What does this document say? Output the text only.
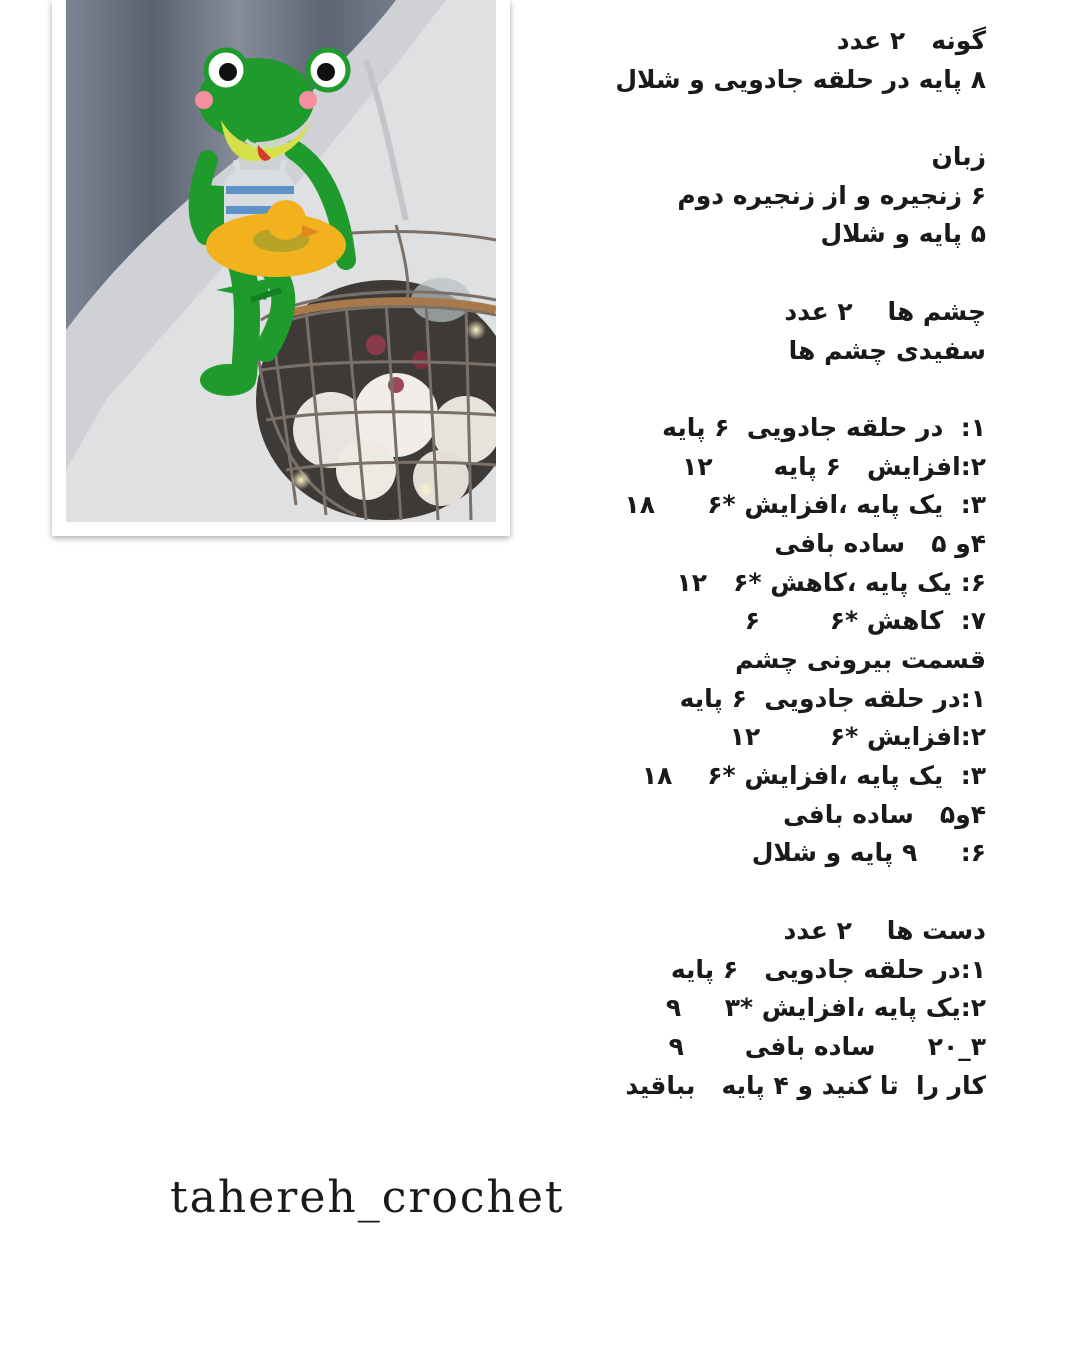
گونه   ۲ عدد
۸ پایه در حلقه جادویی و شلال
زبان
۶ زنجیره و از زنجیره دوم
۵ پایه و شلال
چشم ها    ۲ عدد
سفیدی چشم ها
۱:  در حلقه جادویی  ۶ پایه
۲:افزایش   ۶ پایه       ۱۲
۳:  یک پایه ،افزایش *۶      ۱۸
۴و ۵   ساده بافی
۶: یک پایه ،کاهش *۶   ۱۲
۷:  کاهش *۶        ۶
قسمت بیرونی چشم
۱:در حلقه جادویی  ۶ پایه
۲:افزایش *۶        ۱۲
۳:  یک پایه ،افزایش *۶    ۱۸
۴و۵   ساده بافی
۶:     ۹ پایه و شلال
دست ها    ۲ عدد
۱:در حلقه جادویی   ۶ پایه
۲:یک پایه ،افزایش *۳     ۹
۳_۲۰      ساده بافی       ۹
کار را  تا کنید و ۴ پایه   بباقید
tahereh_crochet
